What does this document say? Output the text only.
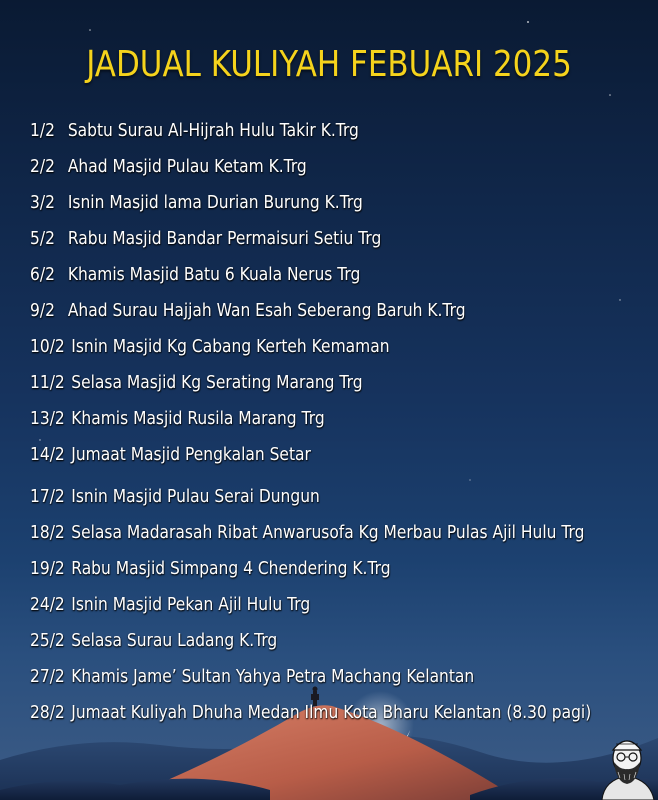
JADUAL KULIYAH FEBUARI 2025
1/2 Sabtu Surau Al-Hijrah Hulu Takir K.Trg
2/2 Ahad Masjid Pulau Ketam K.Trg
3/2 Isnin Masjid lama Durian Burung K.Trg
5/2 Rabu Masjid Bandar Permaisuri Setiu Trg
6/2 Khamis Masjid Batu 6 Kuala Nerus Trg
9/2 Ahad Surau Hajjah Wan Esah Seberang Baruh K.Trg
10/2 Isnin Masjid Kg Cabang Kerteh Kemaman
11/2 Selasa Masjid Kg Serating Marang Trg
13/2 Khamis Masjid Rusila Marang Trg
14/2 Jumaat Masjid Pengkalan Setar
17/2 Isnin Masjid Pulau Serai Dungun
18/2 Selasa Madarasah Ribat Anwarusofa Kg Merbau Pulas Ajil Hulu Trg
19/2 Rabu Masjid Simpang 4 Chendering K.Trg
24/2 Isnin Masjid Pekan Ajil Hulu Trg
25/2 Selasa Surau Ladang K.Trg
27/2 Khamis Jame’ Sultan Yahya Petra Machang Kelantan
28/2 Jumaat Kuliyah Dhuha Medan Ilmu Kota Bharu Kelantan (8.30 pagi)
